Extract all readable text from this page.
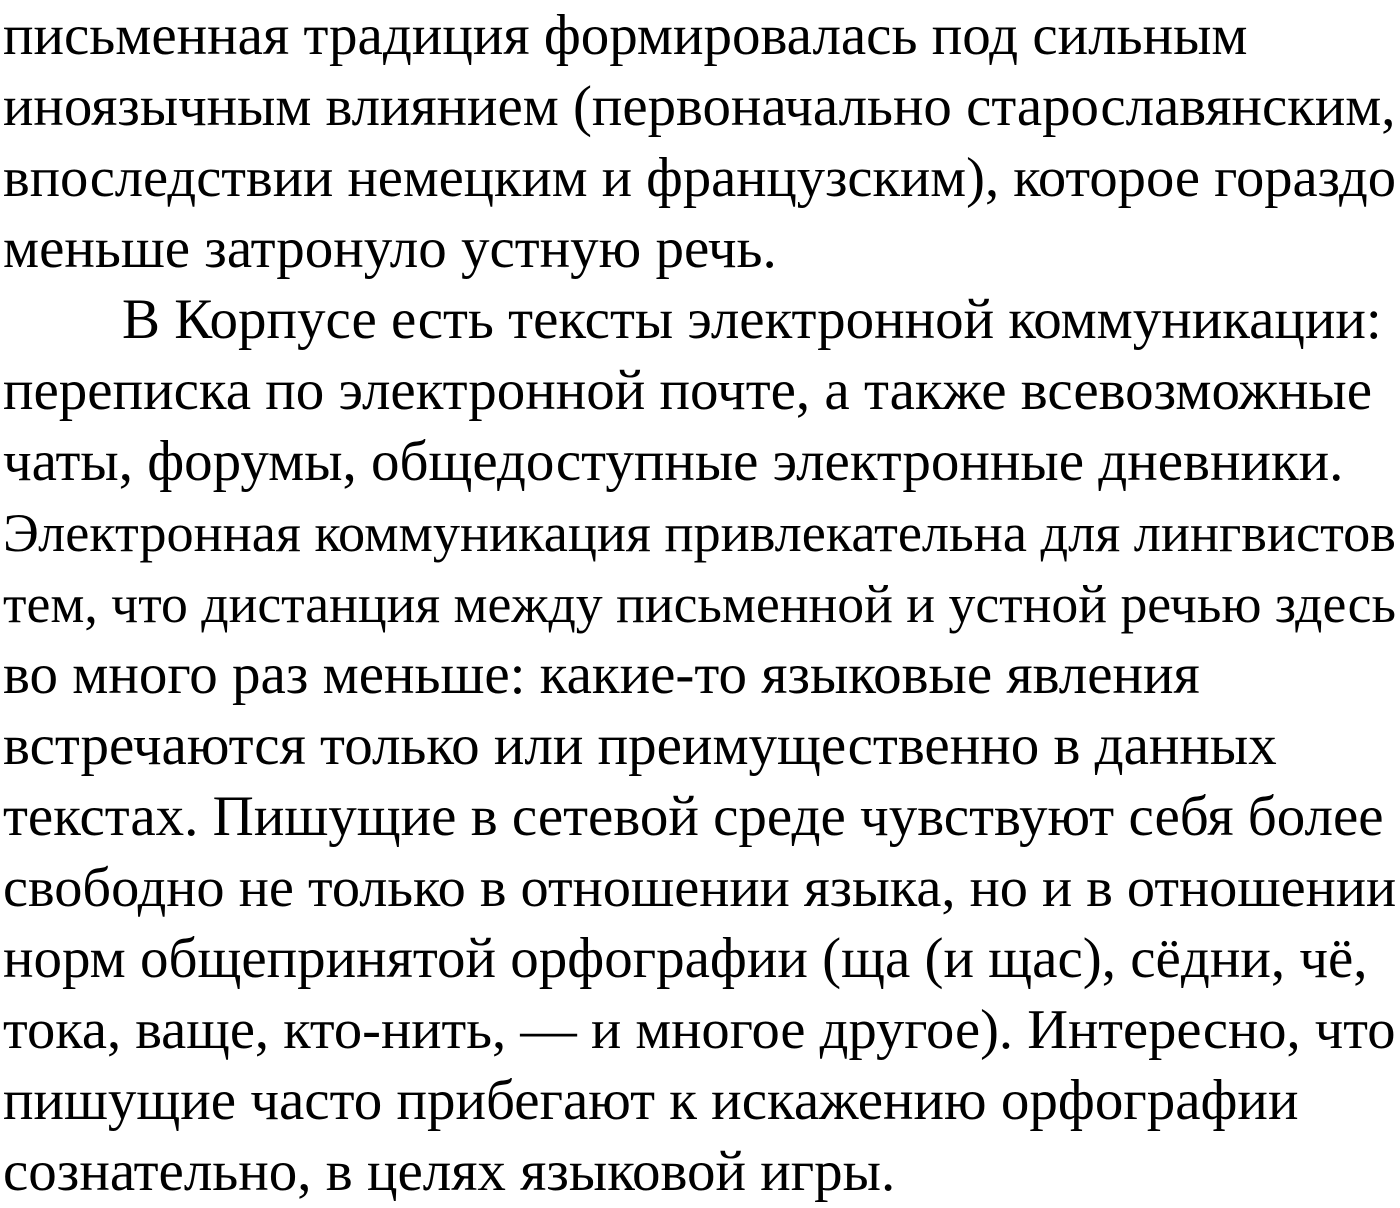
письменная традиция формировалась под сильным

иноязычным влиянием (первоначально старославянским,

впоследствии немецким и французским), которое гораздо

меньше затронуло устную речь.

В Корпусе есть тексты электронной коммуникации:

переписка по электронной почте, а также всевозможные

чаты, форумы, общедоступные электронные дневники.

Электронная коммуникация привлекательна для лингвистов

тем, что дистанция между письменной и устной речью здесь

во много раз меньше: какие-то языковые явления

встречаются только или преимущественно в данных

текстах. Пишущие в сетевой среде чувствуют себя более

свободно не только в отношении языка, но и в отношении

норм общепринятой орфографии (ща (и щас), сёдни, чё,

тока, ваще, кто-нить, — и многое другое). Интересно, что

пишущие часто прибегают к искажению орфографии

сознательно, в целях языковой игры.
